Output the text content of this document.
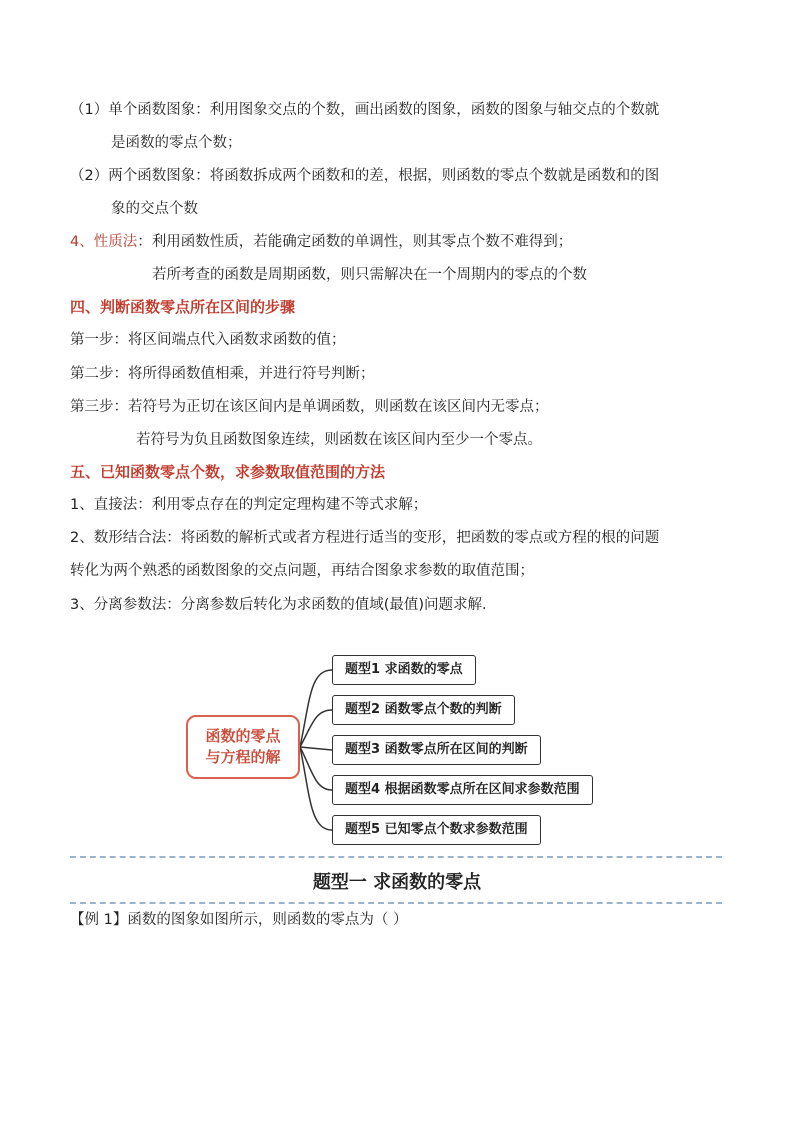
（1）单个函数图象：利用图象交点的个数，画出函数的图象，函数的图象与轴交点的个数就
是函数的零点个数；
（2）两个函数图象：将函数拆成两个函数和的差，根据，则函数的零点个数就是函数和的图
象的交点个数
4、性质法：利用函数性质，若能确定函数的单调性，则其零点个数不难得到；
若所考查的函数是周期函数，则只需解决在一个周期内的零点的个数
四、判断函数零点所在区间的步骤
第一步：将区间端点代入函数求函数的值；
第二步：将所得函数值相乘，并进行符号判断；
第三步：若符号为正切在该区间内是单调函数，则函数在该区间内无零点；
若符号为负且函数图象连续，则函数在该区间内至少一个零点。
五、已知函数零点个数，求参数取值范围的方法
1、直接法：利用零点存在的判定定理构建不等式求解；
2、数形结合法：将函数的解析式或者方程进行适当的变形，把函数的零点或方程的根的问题
转化为两个熟悉的函数图象的交点问题，再结合图象求参数的取值范围；
3、分离参数法：分离参数后转化为求函数的值域(最值)问题求解．
函数的零点
与方程的解
题型1 求函数的零点
题型2 函数零点个数的判断
题型3 函数零点所在区间的判断
题型4 根据函数零点所在区间求参数范围
题型5 已知零点个数求参数范围
题型一 求函数的零点
【例 1】函数的图象如图所示，则函数的零点为（ ）
